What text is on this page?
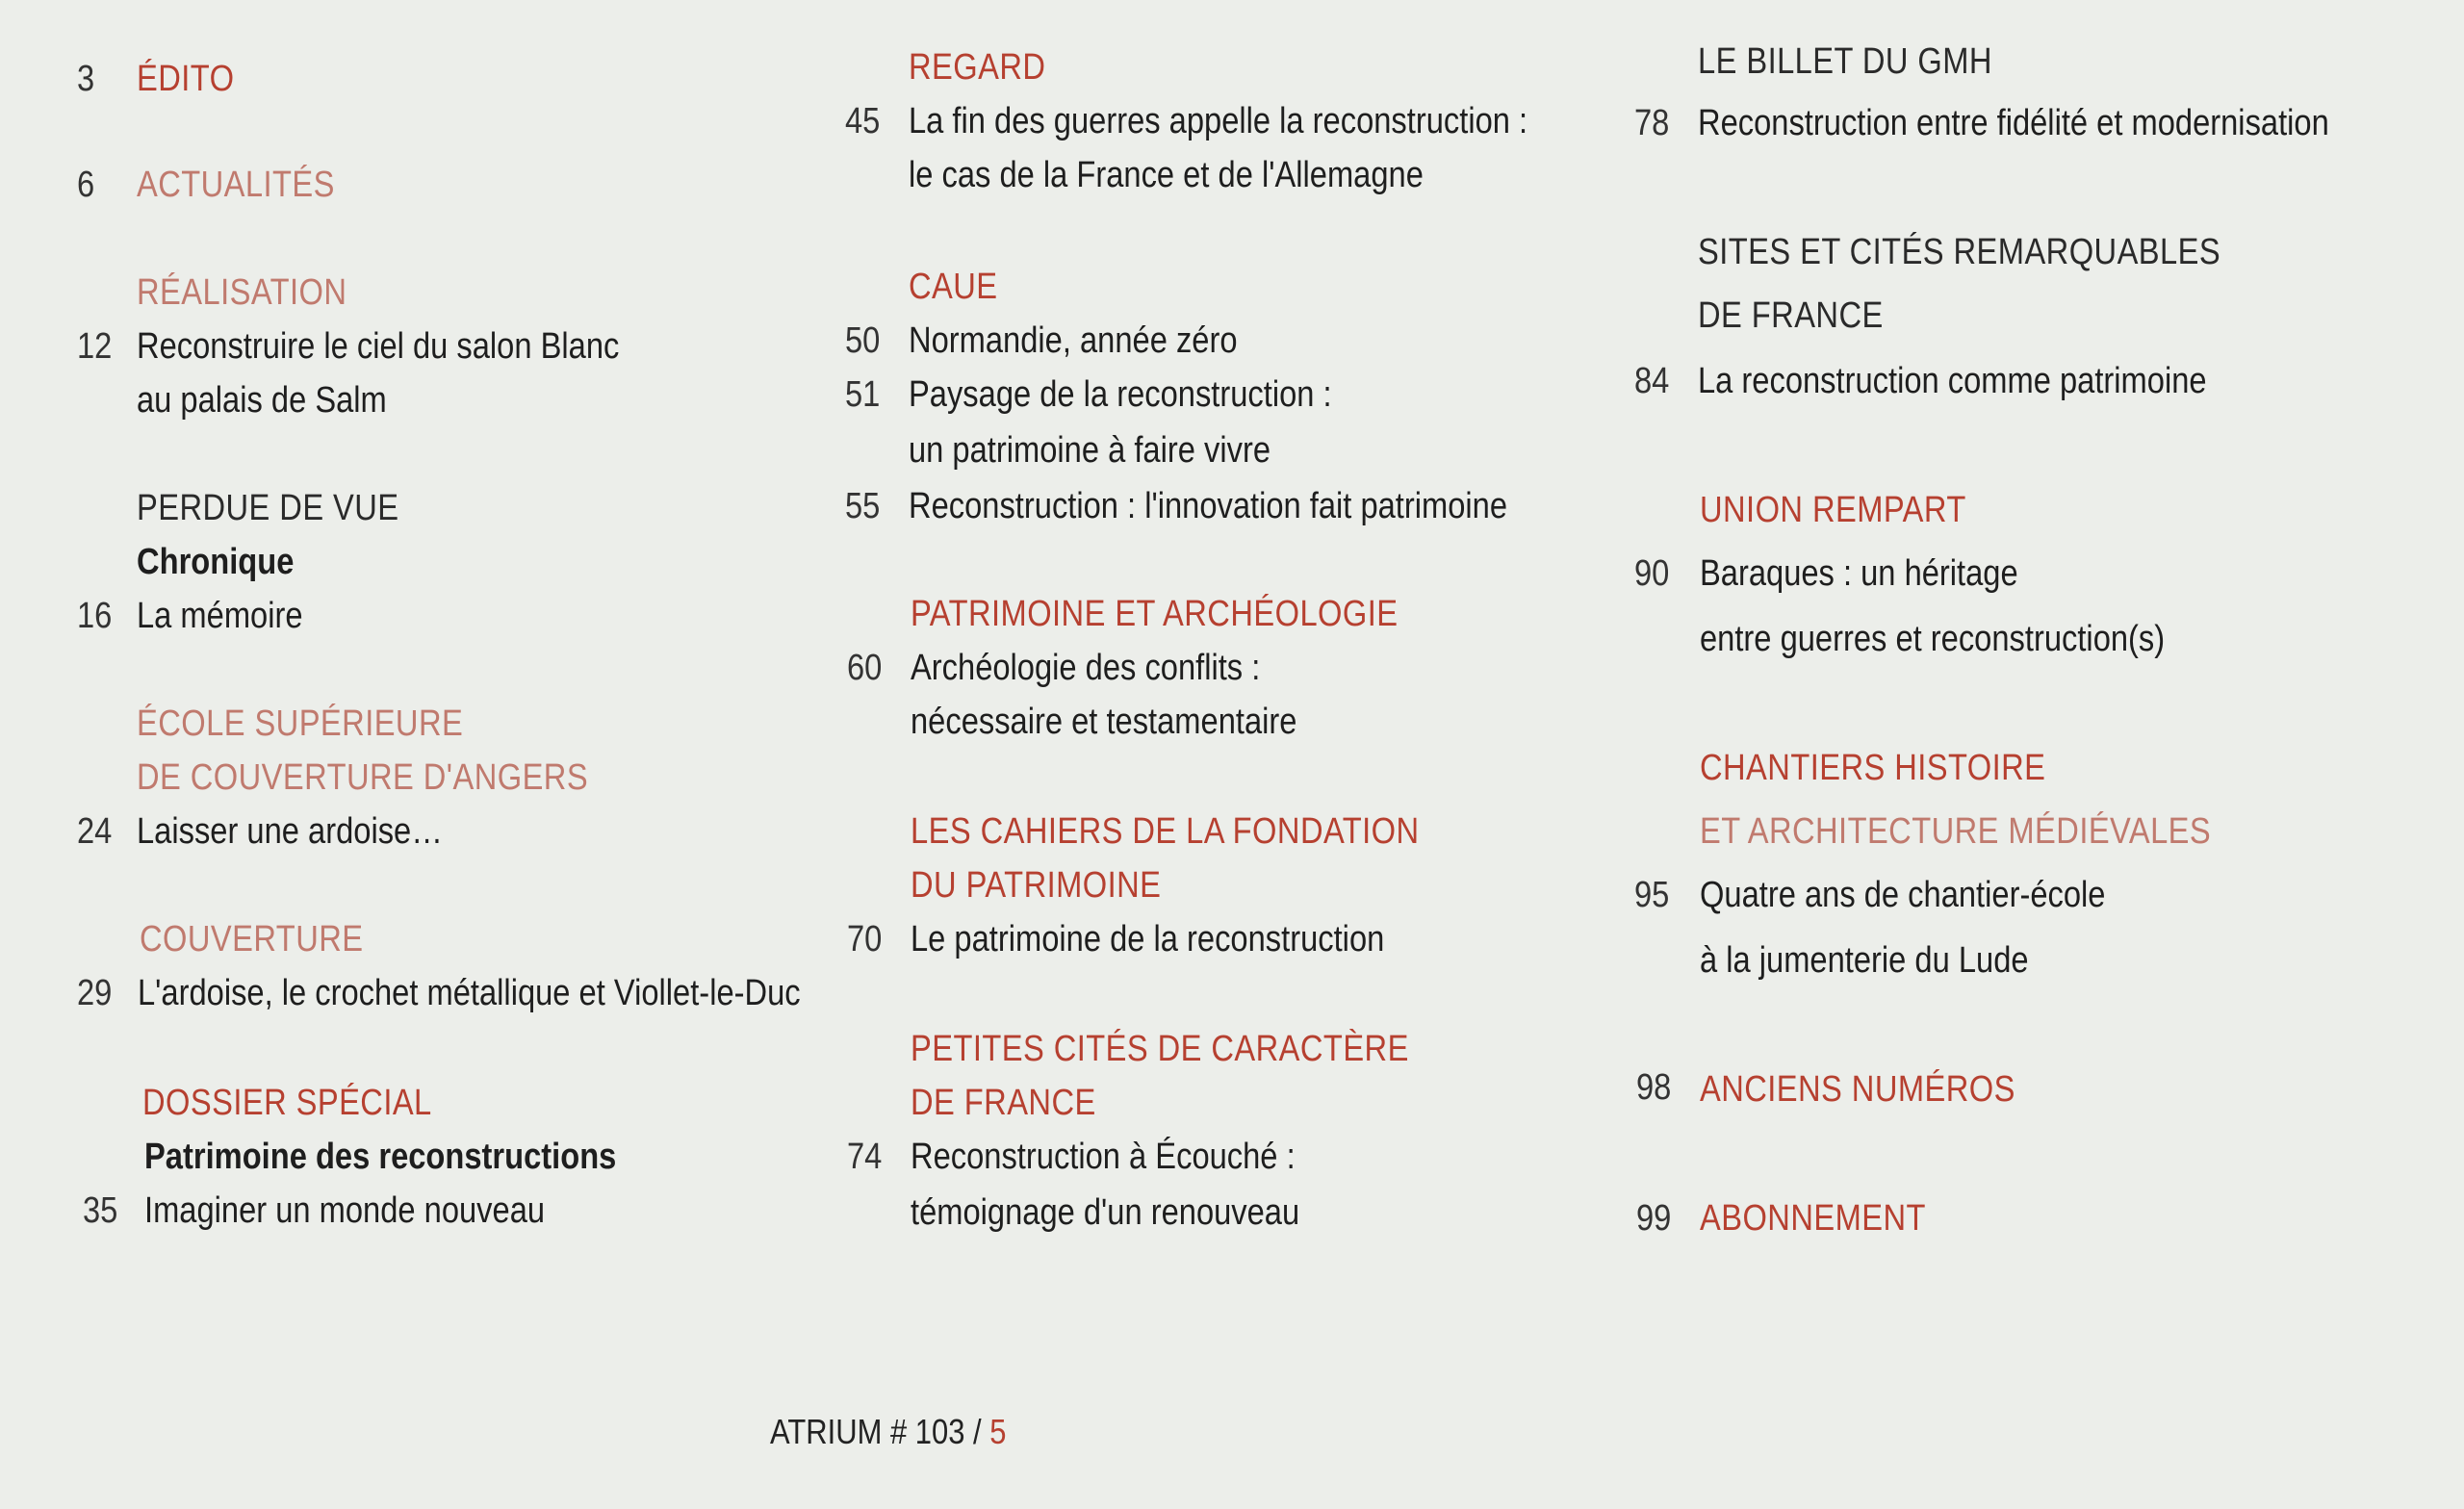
3 ÉDITO
6 ACTUALITÉS
RÉALISATION
12 Reconstruire le ciel du salon Blanc
au palais de Salm
PERDUE DE VUE
Chronique
16 La mémoire
ÉCOLE SUPÉRIEURE
DE COUVERTURE D'ANGERS
24 Laisser une ardoise…
COUVERTURE
29 L'ardoise, le crochet métallique et Viollet-le-Duc
DOSSIER SPÉCIAL
Patrimoine des reconstructions
35 Imaginer un monde nouveau
REGARD
45 La fin des guerres appelle la reconstruction :
le cas de la France et de l'Allemagne
CAUE
50 Normandie, année zéro
51 Paysage de la reconstruction :
un patrimoine à faire vivre
55 Reconstruction : l'innovation fait patrimoine
PATRIMOINE ET ARCHÉOLOGIE
60 Archéologie des conflits :
nécessaire et testamentaire
LES CAHIERS DE LA FONDATION
DU PATRIMOINE
70 Le patrimoine de la reconstruction
PETITES CITÉS DE CARACTÈRE
DE FRANCE
74 Reconstruction à Écouché :
témoignage d'un renouveau
LE BILLET DU GMH
78 Reconstruction entre fidélité et modernisation
SITES ET CITÉS REMARQUABLES
DE FRANCE
84 La reconstruction comme patrimoine
UNION REMPART
90 Baraques : un héritage
entre guerres et reconstruction(s)
CHANTIERS HISTOIRE
ET ARCHITECTURE MÉDIÉVALES
95 Quatre ans de chantier-école
à la jumenterie du Lude
98 ANCIENS NUMÉROS
99 ABONNEMENT
ATRIUM # 103 / 5
